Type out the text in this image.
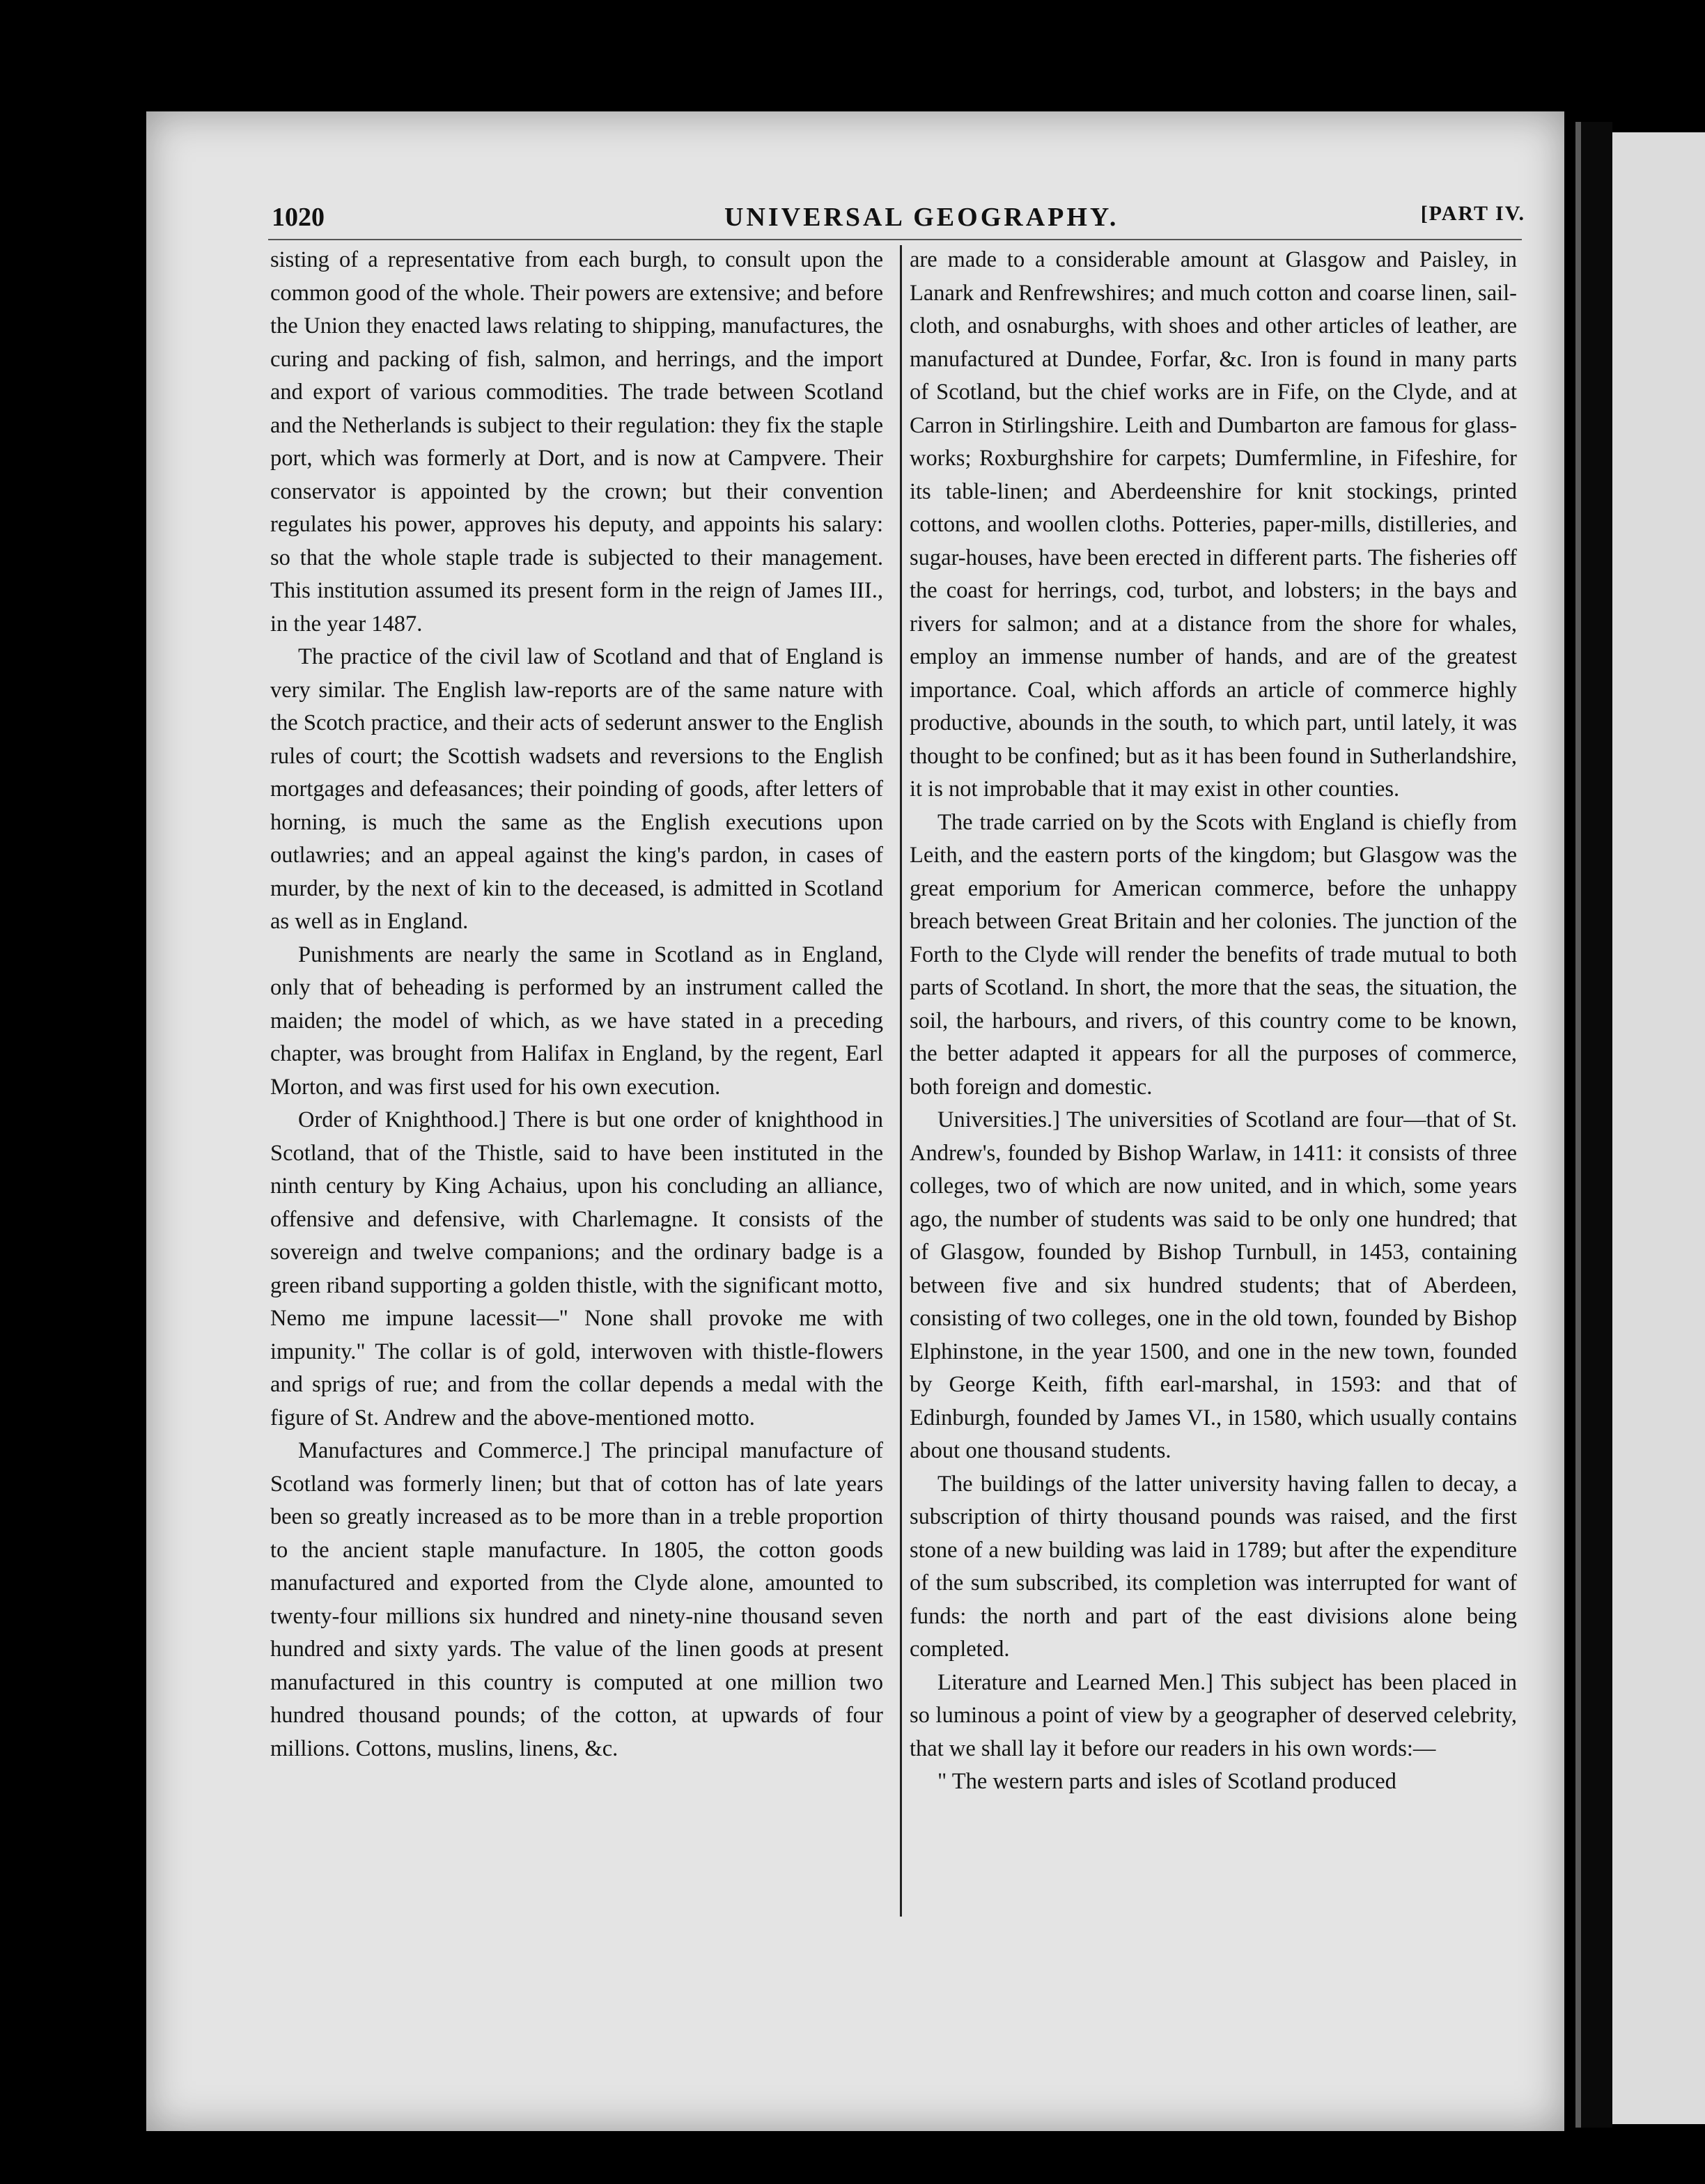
1020	UNIVERSAL GEOGRAPHY.	[PART IV.

sisting of a representative from each burgh, to consult upon the common good of the whole. Their powers are extensive; and before the Union they enacted laws relating to shipping, manufactures, the curing and packing of fish, salmon, and herrings, and the import and export of various commodities. The trade between Scotland and the Netherlands is subject to their regulation: they fix the staple port, which was formerly at Dort, and is now at Campvere. Their conservator is appointed by the crown; but their convention regulates his power, approves his deputy, and appoints his salary: so that the whole staple trade is subjected to their management. This institution assumed its present form in the reign of James III., in the year 1487.

The practice of the civil law of Scotland and that of England is very similar. The English law-reports are of the same nature with the Scotch practice, and their acts of sederunt answer to the English rules of court; the Scottish wadsets and reversions to the English mortgages and defeasances; their poinding of goods, after letters of horning, is much the same as the English executions upon outlawries; and an appeal against the king's pardon, in cases of murder, by the next of kin to the deceased, is admitted in Scotland as well as in England.

Punishments are nearly the same in Scotland as in England, only that of beheading is performed by an instrument called the maiden; the model of which, as we have stated in a preceding chapter, was brought from Halifax in England, by the regent, Earl Morton, and was first used for his own execution.

Order of Knighthood.] There is but one order of knighthood in Scotland, that of the Thistle, said to have been instituted in the ninth century by King Achaius, upon his concluding an alliance, offensive and defensive, with Charlemagne. It consists of the sovereign and twelve companions; and the ordinary badge is a green riband supporting a golden thistle, with the significant motto, Nemo me impune lacessit—" None shall provoke me with impunity." The collar is of gold, interwoven with thistle-flowers and sprigs of rue; and from the collar depends a medal with the figure of St. Andrew and the above-mentioned motto.

Manufactures and Commerce.] The principal manufacture of Scotland was formerly linen; but that of cotton has of late years been so greatly increased as to be more than in a treble proportion to the ancient staple manufacture. In 1805, the cotton goods manufactured and exported from the Clyde alone, amounted to twenty-four millions six hundred and ninety-nine thousand seven hundred and sixty yards. The value of the linen goods at present manufactured in this country is computed at one million two hundred thousand pounds; of the cotton, at upwards of four millions. Cottons, muslins, linens, &c.

are made to a considerable amount at Glasgow and Paisley, in Lanark and Renfrewshires; and much cotton and coarse linen, sail-cloth, and osnaburghs, with shoes and other articles of leather, are manufactured at Dundee, Forfar, &c. Iron is found in many parts of Scotland, but the chief works are in Fife, on the Clyde, and at Carron in Stirlingshire. Leith and Dumbarton are famous for glass-works; Roxburghshire for carpets; Dumfermline, in Fifeshire, for its table-linen; and Aberdeenshire for knit stockings, printed cottons, and woollen cloths. Potteries, paper-mills, distilleries, and sugar-houses, have been erected in different parts. The fisheries off the coast for herrings, cod, turbot, and lobsters; in the bays and rivers for salmon; and at a distance from the shore for whales, employ an immense number of hands, and are of the greatest importance. Coal, which affords an article of commerce highly productive, abounds in the south, to which part, until lately, it was thought to be confined; but as it has been found in Sutherlandshire, it is not improbable that it may exist in other counties.

The trade carried on by the Scots with England is chiefly from Leith, and the eastern ports of the kingdom; but Glasgow was the great emporium for American commerce, before the unhappy breach between Great Britain and her colonies. The junction of the Forth to the Clyde will render the benefits of trade mutual to both parts of Scotland. In short, the more that the seas, the situation, the soil, the harbours, and rivers, of this country come to be known, the better adapted it appears for all the purposes of commerce, both foreign and domestic.

Universities.] The universities of Scotland are four—that of St. Andrew's, founded by Bishop Warlaw, in 1411: it consists of three colleges, two of which are now united, and in which, some years ago, the number of students was said to be only one hundred; that of Glasgow, founded by Bishop Turnbull, in 1453, containing between five and six hundred students; that of Aberdeen, consisting of two colleges, one in the old town, founded by Bishop Elphinstone, in the year 1500, and one in the new town, founded by George Keith, fifth earl-marshal, in 1593: and that of Edinburgh, founded by James VI., in 1580, which usually contains about one thousand students.

The buildings of the latter university having fallen to decay, a subscription of thirty thousand pounds was raised, and the first stone of a new building was laid in 1789; but after the expenditure of the sum subscribed, its completion was interrupted for want of funds: the north and part of the east divisions alone being completed.

Literature and Learned Men.] This subject has been placed in so luminous a point of view by a geographer of deserved celebrity, that we shall lay it before our readers in his own words:—

" The western parts and isles of Scotland produced
